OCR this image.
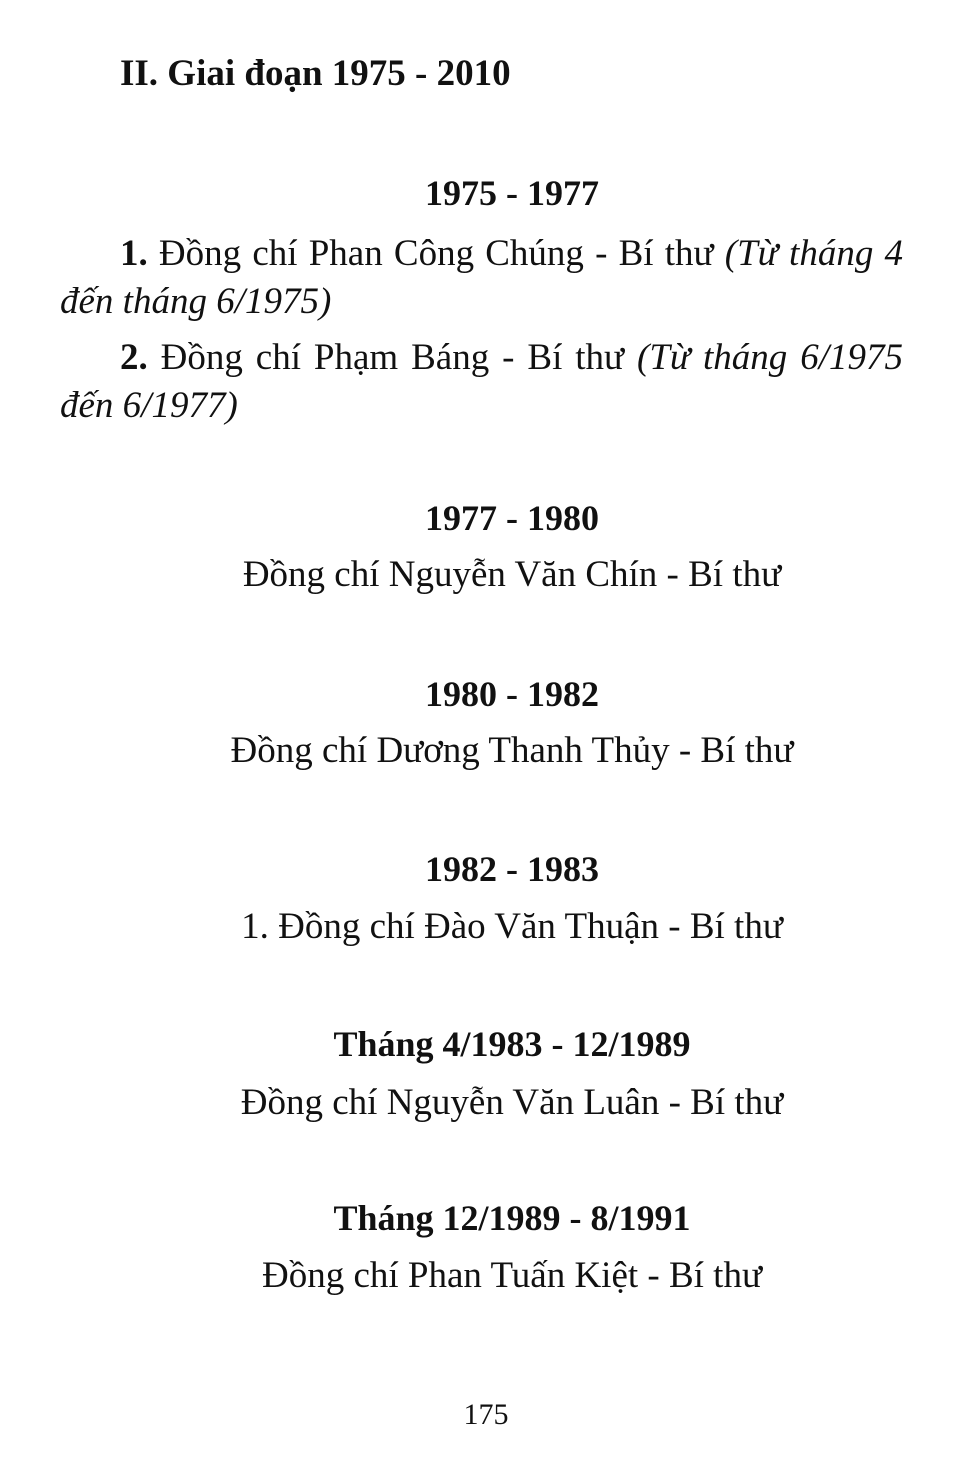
II. Giai đoạn 1975 - 2010
1975 - 1977
1. Đồng chí Phan Công Chúng - Bí thư (Từ tháng 4 đến tháng 6/1975)
2. Đồng chí Phạm Báng - Bí thư (Từ tháng 6/1975 đến 6/1977)
1977 - 1980
Đồng chí Nguyễn Văn Chín - Bí thư
1980 - 1982
Đồng chí Dương Thanh Thủy - Bí thư
1982 - 1983
1. Đồng chí Đào Văn Thuận - Bí thư
Tháng 4/1983 - 12/1989
Đồng chí Nguyễn Văn Luân - Bí thư
Tháng 12/1989 - 8/1991
Đồng chí Phan Tuấn Kiệt - Bí thư
175
